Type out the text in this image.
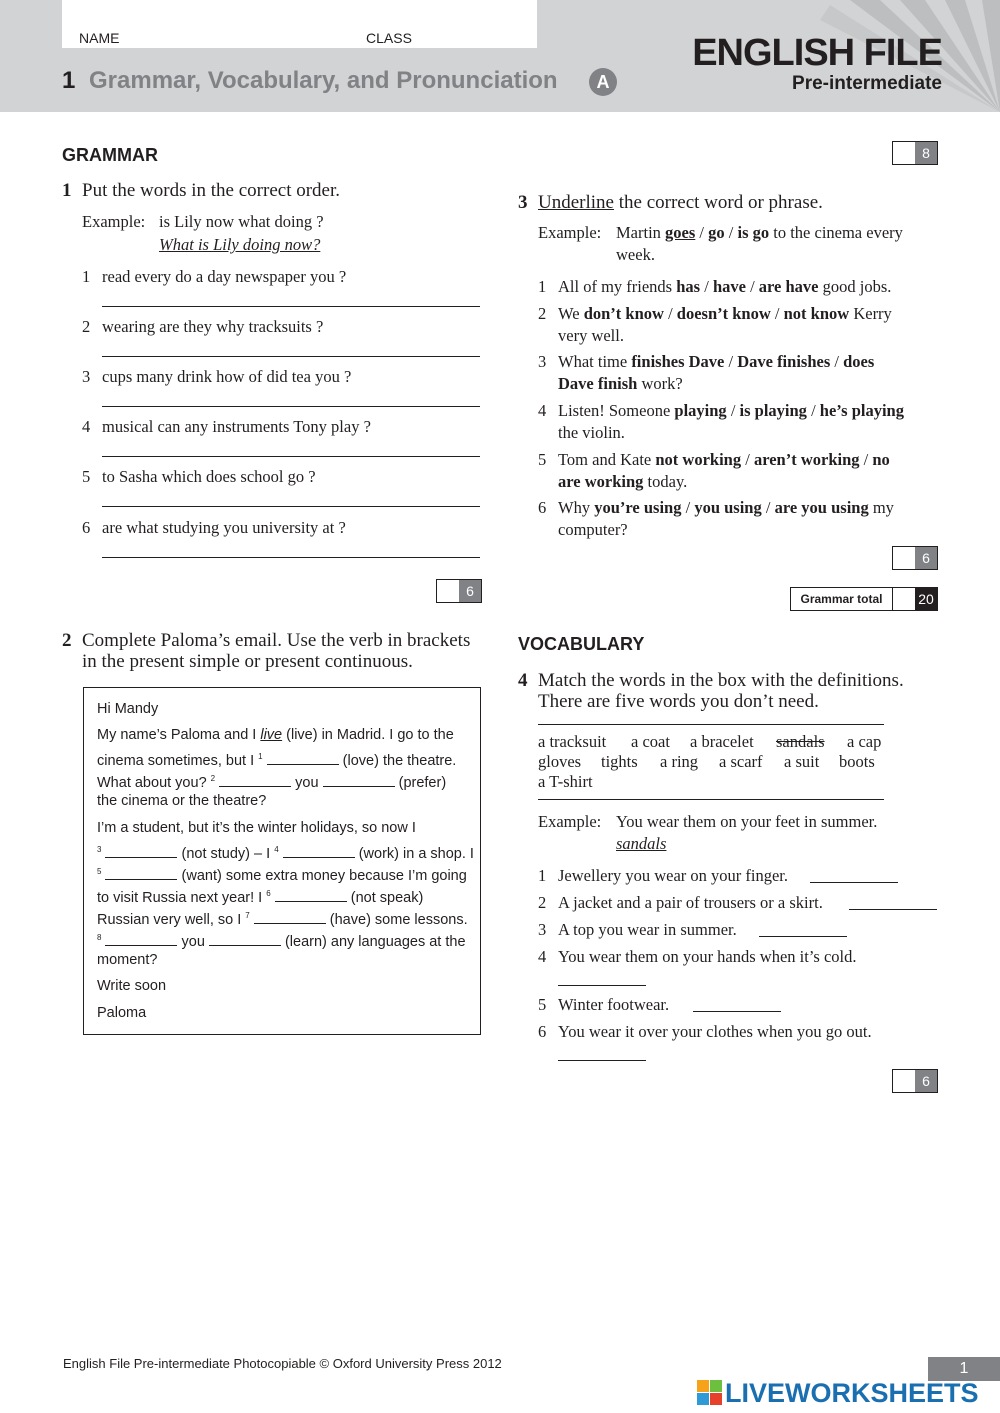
NAME	CLASS
1 Grammar, Vocabulary, and Pronunciation	A
ENGLISH FILE
Pre-intermediate
GRAMMAR	8
1 Put the words in the correct order.
Example: is Lily now what doing ?
What is Lily doing now?
1 read every do a day newspaper you ?
2 wearing are they why tracksuits ?
3 cups many drink how of did tea you ?
4 musical can any instruments Tony play ?
5 to Sasha which does school go ?
6 are what studying you university at ?
6
2 Complete Paloma’s email. Use the verb in brackets
in the present simple or present continuous.
Hi Mandy
My name’s Paloma and I live (live) in Madrid. I go to the
cinema sometimes, but I $^1$	(love) the theatre.
What about you? $^2$	you	(prefer)
the cinema or the theatre?
I’m a student, but it’s the winter holidays, so now I
$^3$	(not study) – I $^4$	(work) in a shop. I
$^5$	(want) some extra money because I’m going
to visit Russia next year! I $^6$	(not speak)
Russian very well, so I $^7$	(have) some lessons.
$^8$	you	(learn) any languages at the
moment?
Write soon
Paloma
3 Underline the correct word or phrase.
Example: Martin goes / go / is go to the cinema every
week.
6
Grammar total	20
VOCABULARY
4 Match the words in the box with the definitions.
There are five words you don’t need.
a tracksuit a coat a bracelet sandals a cap
gloves tights a ring a scarf a suit boots
a T-shirt
Example: You wear them on your feet in summer.
sandals
1 Jewellery you wear on your finger.
2 A jacket and a pair of trousers or a skirt.
3 A top you wear in summer.
4 You wear them on your hands when it’s cold.
5 Winter footwear.
6 You wear it over your clothes when you go out.
6
English File Pre-intermediate Photocopiable © Oxford University Press 2012	1
LIVEWORKSHEETS
1 All of my friends has / have / are have good jobs.
2 We don’t know / doesn’t know / not know Kerry
very well.
3 What time finishes Dave / Dave finishes / does
Dave finish work?
4 Listen! Someone playing / is playing / he’s playing
the violin.
5 Tom and Kate not working / aren’t working / no
are working today.
6 Why you’re using / you using / are you using my
computer?
